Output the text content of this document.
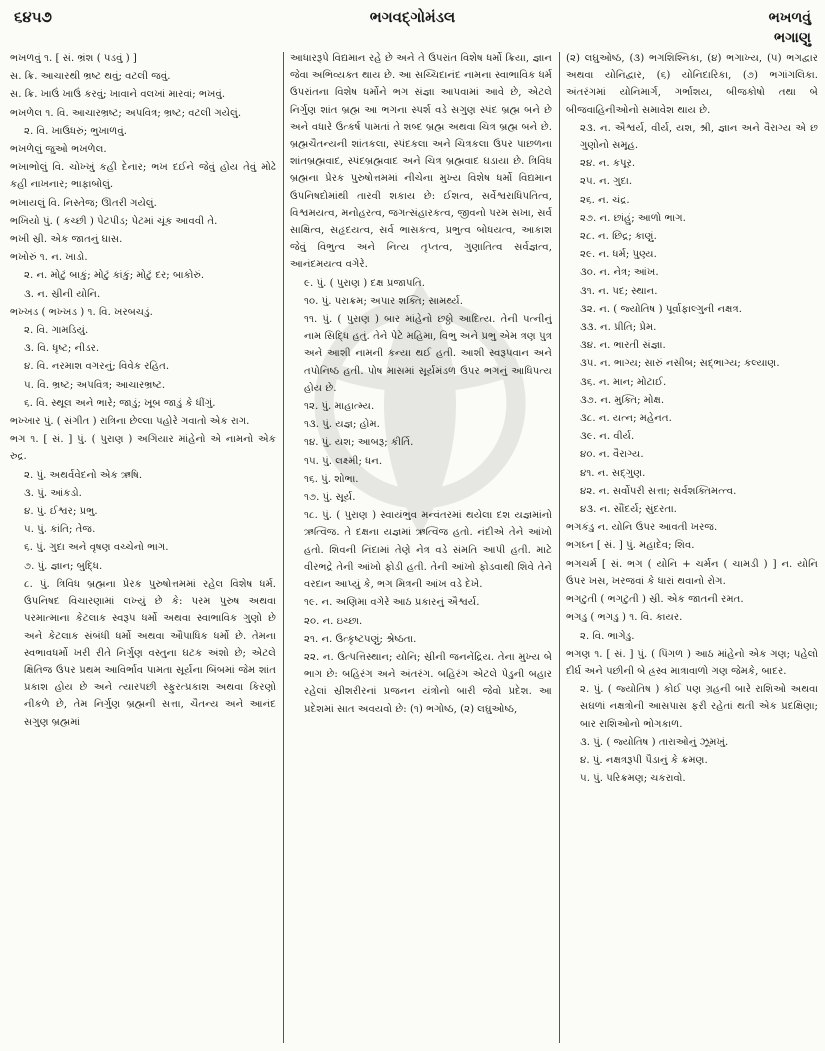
૬૪૫૭	ભગવદ્ગોમંડલ	ભખળવું
ભગાણુ

ભખળવું ૧. [ સં. ભ્રંશ ( પડવું ) ]

સ. ક્રિ. આચારથી ભ્રષ્ટ થવું; વટલી જવું.

સ. ક્રિ. ખાઉં ખાઉં કરવું; ખાવાને વલખાં મારવાં; ભખવું.

ભખળેલ ૧. વિ. આચારભ્રષ્ટ; અપવિત્ર; ભ્રષ્ટ; વટલી ગયેલું.

૨. વિ. ખાઉધરું; ભુખાળવું.

ભખળેલું જુઓ ભખળેલ.

ભખાભોલું વિ. ચોખ્ખું કહી દેનાર; ભખ દઈને જેવું હોય તેવું મોઢે કહી નાખનાર; ભાફાબોલું.

ભખાયલું વિ. નિસ્તેજ; ઊતરી ગયેલું.

ભખિયો પું. ( કચ્છી ) પેટપીડ; પેટમાં ચૂંક આવવી તે.

ભખી સ્રી. એક જાતનું ઘાસ.

ભખોરું ૧. ન. ખાડો.

૨. ન. મોટું બાકું; મોટું કાંકું; મોટું દર; બાકોરું.

૩. ન. સ્રીની યોનિ.

ભખ્ખડ ( ભખ્ખડ ) ૧. વિ. ખરબચડું.

૨. વિ. ગામડિયું.

૩. વિ. ધૃષ્ટ; નીડર.

૪. વિ. નરમાશ વગરનું; વિવેક રહિત.

૫. વિ. ભ્રષ્ટ; અપવિત્ર; આચારભ્રષ્ટ.

૬. વિ. સ્થૂલ અને ભારે; જાડું; ખૂબ જાડું કે ધીંગું.

ભખ્ખાર પું. ( સંગીત ) રાત્રિના છેલ્લા પહોરે ગવાતો એક રાગ.

ભગ ૧. [ સં. ] પું. ( પુરાણ ) અગિયાર માંહેનો એ નામનો એક રુદ્ર.

૨. પું. અથર્વવેદનો એક ઋષિ.

૩. પું. આંકડો.

૪. પું. ઈશ્વર; પ્રભુ.

૫. પું. કાંતિ; તેજ.

૬. પું. ગુદા અને વૃષણ વચ્ચેનો ભાગ.

૭. પું. જ્ઞાન; બુદ્ધિ.

૮. પું. ત્રિવિધ બ્રહ્મના પ્રેરક પુરુષોત્તમમાં રહેલ વિશેષ ધર્મ. ઉપનિષદ વિચારણામાં લખ્યું છે કે: પરમ પુરુષ અથવા પરમાત્માના કેટલાક સ્વરૂપ ધર્મો અથવા સ્વાભાવિક ગુણો છે અને કેટલાક સંબંધી ધર્મો અથવા ઔપાધિક ધર્મો છે. તેમના સ્વભાવધર્મો ખરી રીતે નિર્ગુણ વસ્તુના ઘટક અંશો છે; એટલે ક્ષિતિજ ઉપર પ્રથમ આવિર્ભાવ પામતા સૂર્યના બિંબમાં જેમ શાંત પ્રકાશ હોય છે અને ત્યારપછી સ્ફુરત્પ્રકાશ અથવા કિરણો નીકળે છે, તેમ નિર્ગુણ બ્રહ્મની સત્તા, ચૈતન્ય અને આનંદ સગુણ બ્રહ્મમાં

આધારરૂપે વિદ્યમાન રહે છે અને તે ઉપરાંત વિશેષ ધર્મો ક્રિયા, જ્ઞાન જેવા અભિવ્યક્ત થાય છે. આ સચ્ચિદાનંદ નામના સ્વાભાવિક ધર્મ ઉપરાંતના વિશેષ ધર્મોને ભગ સંજ્ઞા આપવામાં આવે છે, એટલે નિર્ગુણ શાંત બ્રહ્મ આ ભગના સ્પર્શ વડે સગુણ સ્પંદ બ્રહ્મ બને છે અને વધારે ઉત્કર્ષ પામતાં તે શબ્દ બ્રહ્મ અથવા ચિત્ર બ્રહ્મ બને છે. બ્રહ્મચૈતન્યની શાંતકલા, સ્પંદકલા અને ચિત્રકલા ઉપર પાછળના શાંતબ્રહ્મવાદ, સ્પંદબ્રહ્મવાદ અને ચિત્ર બ્રહ્મવાદ ઘડાયા છે. ત્રિવિધ બ્રહ્મના પ્રેરક પુરુષોત્તમમાં નીચેના મુખ્ય વિશેષ ધર્મો વિદ્યમાન ઉપનિષદોમાંથી તારવી શકાય છે: ઈશત્વ, સર્વેશ્વરાધિપતિત્વ, વિશ્વમયત્વ, મનોહરત્વ, જગત્સંહારકત્વ, જીવનો પરમ સખા, સર્વ સાક્ષિત્વ, સહૃદયત્વ, સર્વ ભાસકત્વ, પ્રભુત્વ બોધયત્વ, આકાશ જેવું વિભુત્વ અને નિત્ય તૃપ્તત્વ, ગુણાતિત્વ સર્વજ્ઞત્વ, આનંદમયત્વ વગેરે.

૯. પું. ( પુરાણ ) દક્ષ પ્રજાપતિ.

૧૦. પું. પરાક્રમ; અપાર શક્તિ; સામર્થ્ય.

૧૧. પું. ( પુરાણ ) બાર માંહેનો છઠ્ઠો આદિત્ય. તેની પત્નીનું નામ સિદ્ધિ હતું. તેને પેટે મહિમા, વિભુ અને પ્રભુ એમ ત્રણ પુત્ર અને આશી નામની કન્યા થઈ હતી. આશી સ્વરૂપવાન અને તપોનિષ્ઠ હતી. પોષ માસમાં સૂર્યમંડળ ઉપર ભગનું આધિપત્ય હોય છે.

૧૨. પું. માહાત્મ્ય.

૧૩. પું. યજ્ઞ; હોમ.

૧૪. પું. યશ; આબરૂ; કીર્તિ.

૧૫. પું. લક્ષ્મી; ધન.

૧૬. પું. શોભા.

૧૭. પું. સૂર્ય.

૧૮. પું. ( પુરાણ ) સ્વાયંભુવ મન્વંતરમાં થયેલા દશ યજ્ઞમાંનો ઋત્વિજ. તે દક્ષના યજ્ઞમાં ઋત્વિજ હતો. નંદીએ તેને આંખો હતો. શિવની નિંદામાં તેણે નેત્ર વડે સંમતિ આપી હતી. માટે વીરભદ્રે તેની આંખો ફોડી હતી. તેની આંખો ફોડવાથી શિવે તેને વરદાન આપ્યું કે, ભગ મિત્રની આંખ વડે દેખે.

૧૯. ન. અણિમા વગેરે આઠ પ્રકારનું ઐશ્વર્ય.

૨૦. ન. ઇચ્છા.

૨૧. ન. ઉત્કૃષ્ટપણું; શ્રેષ્ઠતા.

૨૨. ન. ઉત્પત્તિસ્થાન; યોનિ; સ્રીની જનનેંદ્રિય. તેના મુખ્ય બે ભાગ છે: બહિરંગ અને અંતરંગ. બહિરંગ એટલે પેડુની બહાર રહેલાં સ્રીશરીરનાં પ્રજનન યંત્રોનો બારી જેવો પ્રદેશ. આ પ્રદેશમાં સાત અવયવો છે: (૧) ભગોષ્ઠ, (૨) લઘુઓષ્ઠ,

(૨) લઘુઓષ્ઠ, (૩) ભગશિશ્નિકા, (૪) ભગાખ્ય, (૫) ભગદ્વાર અથવા યોનિદ્વાર, (૬) યોનિદારિકા, (૭) ભગાંગલિકા. અંતરંગમાં યોનિમાર્ગ, ગર્ભાશય, બીજકોષો તથા બે બીજવાહિનીઓનો સમાવેશ થાય છે.

૨૩. ન. ઐશ્વર્ય, વીર્ય, યશ, શ્રી, જ્ઞાન અને વૈરાગ્ય એ છ ગુણોનો સમૂહ.

૨૪. ન. કપૂર.

૨૫. ન. ગુદા.

૨૬. ન. ચંદ્ર.

૨૭. ન. છાંહું; આળો ભાગ.

૨૮. ન. છિદ્ર; કાણું.

૨૯. ન. ધર્મ; પુણ્ય.

૩૦. ન. નેત્ર; આંખ.

૩૧. ન. પદ; સ્થાન.

૩૨. ન. ( જ્યોતિષ ) પૂર્વાફાલ્ગુની નક્ષત્ર.

૩૩. ન. પ્રીતિ; પ્રેમ.

૩૪. ન. ભારતી સંજ્ઞા.

૩૫. ન. ભાગ્ય; સારું નસીબ; સદ્ભાગ્ય; કલ્યાણ.

૩૬. ન. માન; મોટાઈ.

૩૭. ન. મુક્તિ; મોક્ષ.

૩૮. ન. યત્ન; મહેનત.

૩૯. ન. વીર્ય.

૪૦. ન. વૈરાગ્ય.

૪૧. ન. સદ્ગુણ.

૪૨. ન. સર્વોપરી સત્તા; સર્વશક્તિમત્ત્વ.

૪૩. ન. સૌંદર્ય; સુંદરતા.

ભગકંડુ ન. યોનિ ઉપર આવતી ખરજ.

ભગઘ્ન [ સં. ] પું. મહાદેવ; શિવ.

ભગચર્મ [ સં. ભગ ( યોનિ + ચર્મન ( ચામડી ) ] ન. યોનિ ઉપર ખસ, ખરજવાં કે ધારાં થવાનો રોગ.

ભગટુતી ( ભગટુતી ) સ્રી. એક જાતની રમત.

ભગડુ ( ભગડુ ) ૧. વિ. કાયર.

૨. વિ. ભાગેડુ.

ભગણ ૧. [ સં. ] પું. ( પિંગળ ) આઠ માંહેનો એક ગણ; પહેલો દીર્ઘ અને પછીની બે હ્રસ્વ માત્રાવાળો ગણ જેમકે, બાદર.

૨. પું. ( જ્યોતિષ ) કોઈ પણ ગ્રહની બારે રાશિઓ અથવા સઘળાં નક્ષત્રોની આસપાસ ફરી રહેતાં થતી એક પ્રદક્ષિણા; બાર રાશિઓનો ભોગકાળ.

૩. પું. ( જ્યોતિષ ) તારાઓનું ઝૂમખું.

૪. પું. નક્ષત્રરૂપી પૈડાનું કે ક્રમણ.

૫. પું. પરિક્રમણ; ચકરાવો.
